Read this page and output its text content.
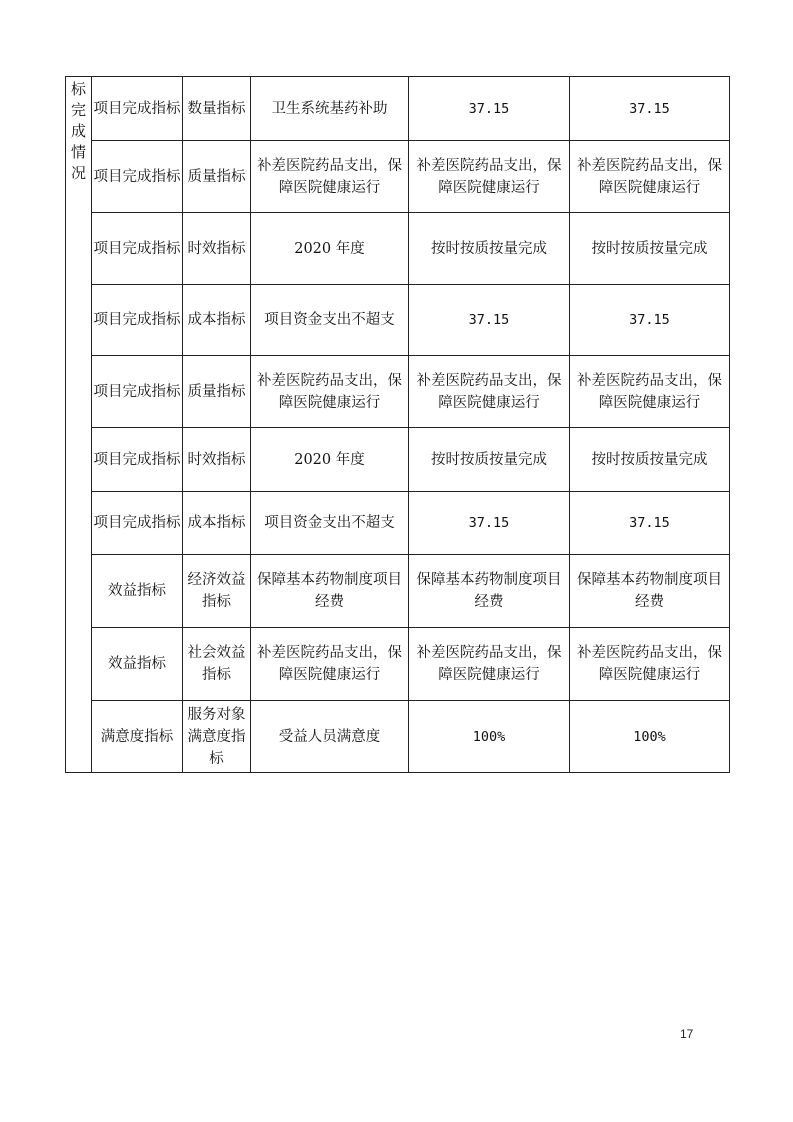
标完成情况	项目完成指标	数量指标	卫生系统基药补助	37.15	37.15
	项目完成指标	质量指标	补差医院药品支出，保障医院健康运行	补差医院药品支出，保障医院健康运行	补差医院药品支出，保障医院健康运行
	项目完成指标	时效指标	2020 年度	按时按质按量完成	按时按质按量完成
	项目完成指标	成本指标	项目资金支出不超支	37.15	37.15
	项目完成指标	质量指标	补差医院药品支出，保障医院健康运行	补差医院药品支出，保障医院健康运行	补差医院药品支出，保障医院健康运行
	项目完成指标	时效指标	2020 年度	按时按质按量完成	按时按质按量完成
	项目完成指标	成本指标	项目资金支出不超支	37.15	37.15
	效益指标	经济效益指标	保障基本药物制度项目经费	保障基本药物制度项目经费	保障基本药物制度项目经费
	效益指标	社会效益指标	补差医院药品支出，保障医院健康运行	补差医院药品支出，保障医院健康运行	补差医院药品支出，保障医院健康运行
	满意度指标	服务对象满意度指标	受益人员满意度	100%	100%
17
